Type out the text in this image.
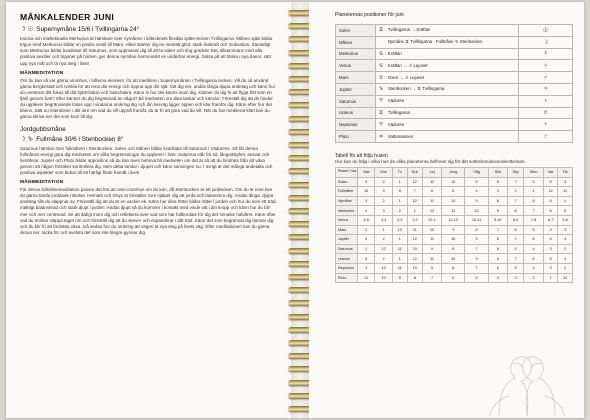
MÅNKALENDER JUNI
☽ ☉ Supernymåne 15/6 i Tvillingarna 24°

Kvicka och intellektuella Merkurius är härskare över nymånen i luftecknets flexibla sjätte-tecken Tvillingarna. Månen själv bildar trigon med Merkurius bildar en positiv sextil till Mars, vilket stärker dig en mentalt glöd, stark livskraft och motivation. Samtidigt som Merkurius bildar kvadratur till Saturnus, som uppmanar dig till att ta saker och ting gradvis! Det, tillsammans med alla positiva sextiler och trigoner på himlen, ger denna nymåne harmoniskt en underbar energi. Satsa på att tänka i nya banor, sätt upp nya mål och ta nya steg i livet!

MÅNMEDITATION

Om du kan så var gärna utomhus, i lufterna element, för att meditera i Supernymånen i Tvillingarna tecken. Vill du så använd gärna bergkristall och tvinkla för att rena din energi och öppna upp din själ. Sitt dig ner, andas långa djupa andetag och känn hur du centrerar ditt fokus till ditt hjärtchakra och halschakra. Känn in hur det känns inom dig. Känner du dig fri att flyga fritt som en fjäril genom livet? Eller känner du dig begränsad av något? Bli medveten om dina tankar och känslor. Föreställ dig att de hinder du upplever begränsande löses upp i vindarna omkring dig och din livsväg ligger öppen och klar framför dig. Känn efter hur det känns. Sätt nu intentioner i ditt inre om vad du vill uppnå framåt, du är fri att göra vad du vill. När du har mediterat klart kan du gärna skriva ner det som kom till dig.

Jordgubbsmåne
☽ ♑ Fullmåne 30/6 i Stenbocken 8°

Saturnus härskar över fullmånen i Stenbocken. Solen och Månen bildar kvadratur till Saturnus i Vädurens. Så får denna fullmånes energi göra dig medveten om vilka begränsningar du upplever i livet. Saturnus står för tid, långsiktighet, ansvar och livslöksar. Jupiter och Pluto bildar opposition så du kan även behöva bli medveten om det är så att du hindrats från att växa genom att någon försöker kontrollera dig. Men detta landar i djupet och känn sanningen nu. I övrigt är det många andetalla och positiva aspekter som bidrar till ett härligt flöde framåt i livet!

MÅNMEDITATION

För denna fullmånemeditation passar det bra att vara utomhus om du kan, då Stenbocken är ett jordtecken. Om du är inne kan du gärna tända jordande rökelse. Hematit och Onyx är kristaller som hjälper dig att jorda och balansera dig. Andas långa, djupa andetag tills du slappnar av. Föreställ dig att du är en vacker ek. Känn hur dina fötter bildar rötter i jorden och hur du som ett träd, mäktigt balanserad och stark djupt i jorden. Andas djupt så du kommer i kontakt med vinde väl i din kropp och känn hur du blir mer och mer centrerad. Se att åtdigt inom dig och reflektera över vad som har fullbordats för dig det senaste halvåret. Känn efter vad du önskar släppa taget om och föreställ dig att du skever och expanderar i ditt träd. Känn det som begränsat dig lämnar dig och du blir fri att fortsätta växa. Gå sedan hur du omkring att vägen ta nya steg på livets väg. Efter meditationen kan du gärna skriva ner, tacka för och avsluta det som inte längre gynnar dig.

Planeternas positioner för juni
Solen	♊ Tvillingarna → Kräftan	☉
Månen	Nymåne ♊ Tvillingarna · Fullmåne ♑ Stenbocken	☽
Merkurius	♋ Kräftan	☿
Venus	♋ Kräftan → ♌ Lejonet	♀
Mars	♉ Oxen → ♌ Lejonet	♂
Jupiter	♑ Stenbocken → ♊ Tvillingarna	♃
Saturnus	♈ Väduren	♄
Uranus	♊ Tvillingarna	♅
Neptunus	♈ Väduren	♆
Pluto	♒ Vattumannen	♇
Tabell för att följa husen
Hur kan du följa i vilka hus de olika planeterna befinner sig för ditt soltecken/ascendenttecken.
Planet / Hus	Väd	Oxe	Tv	Krä	Lej	Jung	Våg	Skö	Sky	Sten	Vat	Fis
Solen	3	2	1	12	11	10	9	8	7	6	5	4
Fullmåne	10	9	8	7	6	5	4	3	2	1	12	11
Nymåne	3	2	1	12	11	10	9	8	7	6	5	4
Merkurius	4	3	2	1	12	11	10	9	8	7	6	5
Venus	4-5	3-4	2-3	1-2	12-1	11-12	10-11	9-10	8-9	7-8	6-7	5-6
Mars	2	1	12	11	10	9	8	7	6	5	4	3
Jupiter	3	2	1	12	11	10	9	8	7	6	5	4
Saturnus	1	12	11	10	9	8	7	6	5	4	3	2
Uranus	3	2	1	12	11	10	9	8	7	6	5	4
Neptunus	1	12	11	10	9	8	7	6	5	4	3	2
Pluto	11	10	9	8	7	6	5	4	3	2	1	12
